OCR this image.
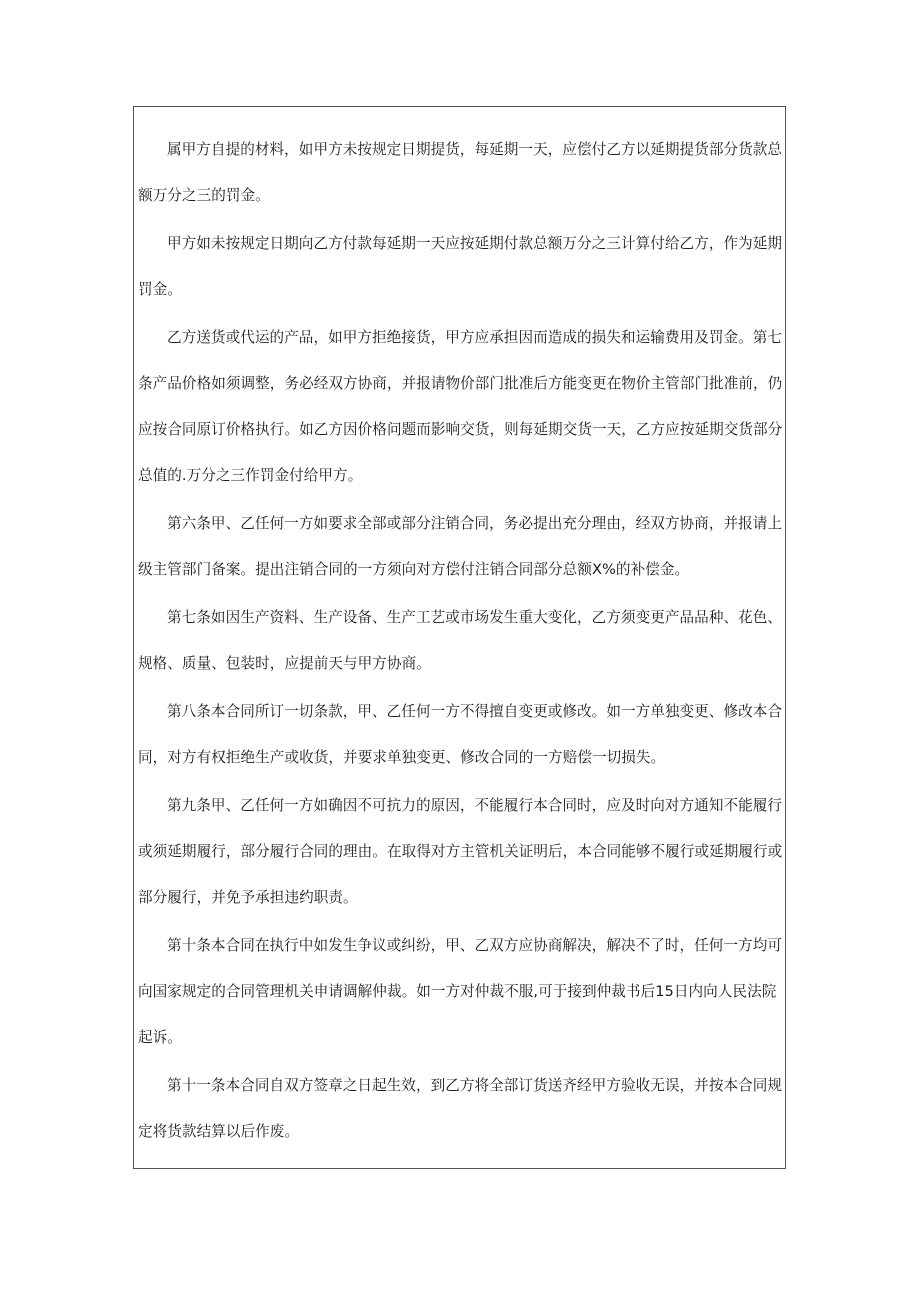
属甲方自提的材料，如甲方未按规定日期提货，每延期一天，应偿付乙方以延期提货部分货款总额万分之三的罚金。

甲方如未按规定日期向乙方付款每延期一天应按延期付款总额万分之三计算付给乙方，作为延期罚金。

乙方送货或代运的产品，如甲方拒绝接货，甲方应承担因而造成的损失和运输费用及罚金。第七条产品价格如须调整，务必经双方协商，并报请物价部门批准后方能变更在物价主管部门批准前，仍应按合同原订价格执行。如乙方因价格问题而影响交货，则每延期交货一天，乙方应按延期交货部分总值的.万分之三作罚金付给甲方。

第六条甲、乙任何一方如要求全部或部分注销合同，务必提出充分理由，经双方协商，并报请上级主管部门备案。提出注销合同的一方须向对方偿付注销合同部分总额X%的补偿金。

第七条如因生产资料、生产设备、生产工艺或市场发生重大变化，乙方须变更产品品种、花色、规格、质量、包装时，应提前天与甲方协商。

第八条本合同所订一切条款，甲、乙任何一方不得擅自变更或修改。如一方单独变更、修改本合同，对方有权拒绝生产或收货，并要求单独变更、修改合同的一方赔偿一切损失。

第九条甲、乙任何一方如确因不可抗力的原因，不能履行本合同时，应及时向对方通知不能履行或须延期履行，部分履行合同的理由。在取得对方主管机关证明后，本合同能够不履行或延期履行或部分履行，并免予承担违约职责。

第十条本合同在执行中如发生争议或纠纷，甲、乙双方应协商解决，解决不了时，任何一方均可向国家规定的合同管理机关申请调解仲裁。如一方对仲裁不服,可于接到仲裁书后15日内向人民法院起诉。

第十一条本合同自双方签章之日起生效，到乙方将全部订货送齐经甲方验收无误，并按本合同规定将货款结算以后作废。
